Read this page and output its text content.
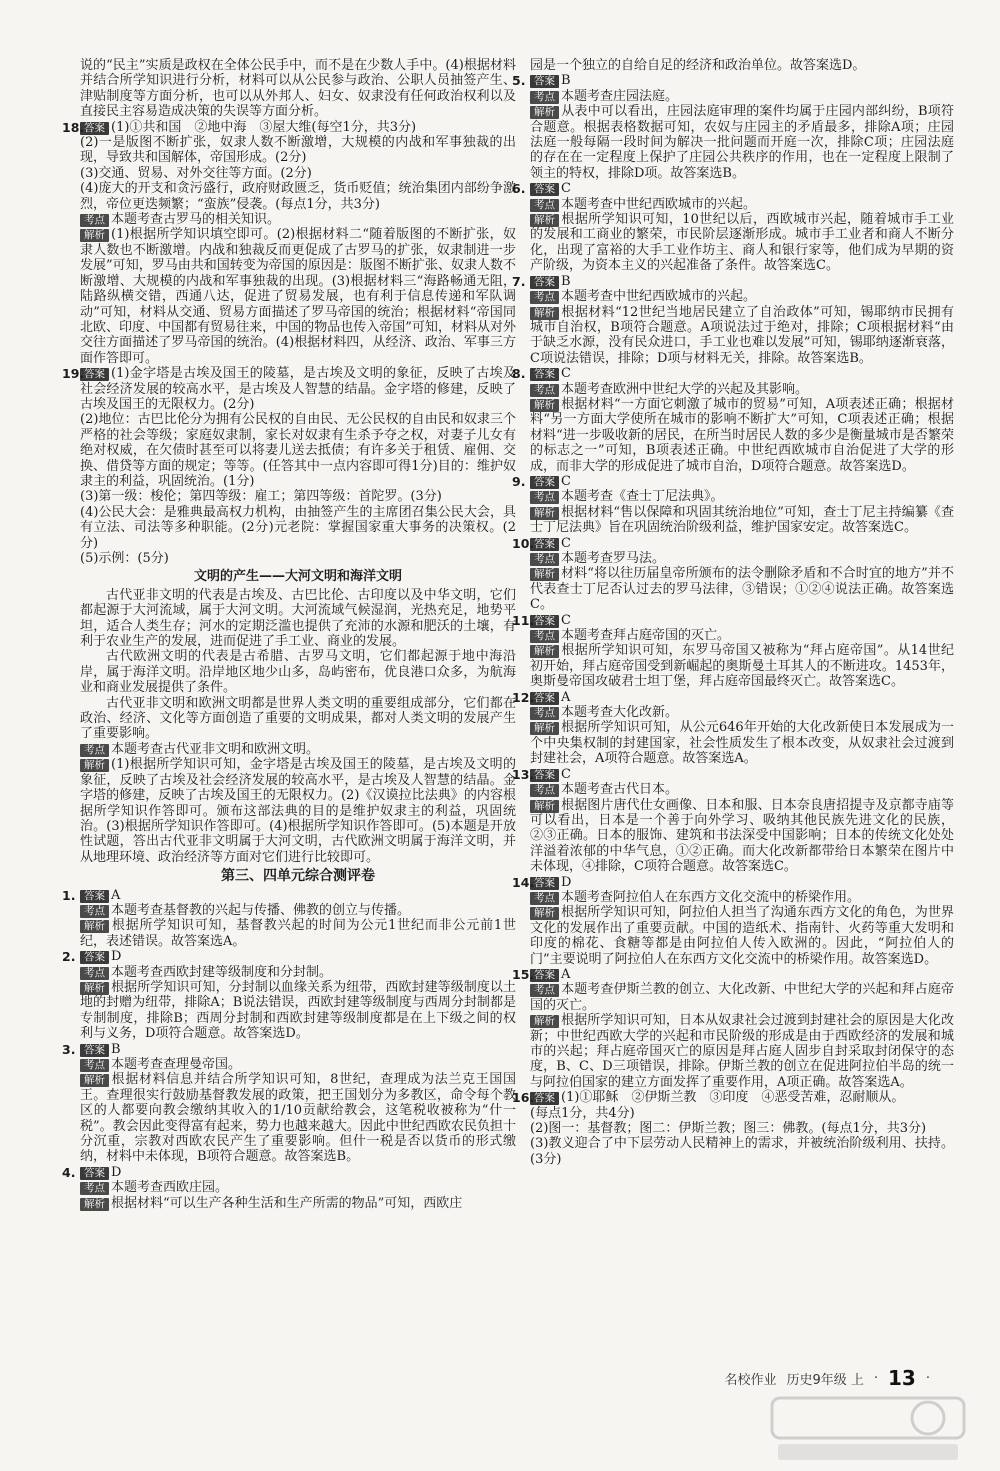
说的“民主”实质是政权在全体公民手中，而不是在少数人手中。(4)根据材料并结合所学知识进行分析，材料可以从公民参与政治、公职人员抽签产生、津贴制度等方面分析，也可以从外邦人、妇女、奴隶没有任何政治权利以及直接民主容易造成决策的失误等方面分析。

18. 答案 (1)①共和国　②地中海　③屋大维(每空1分，共3分)

(2)一是版图不断扩张，奴隶人数不断激增，大规模的内战和军事独裁的出现，导致共和国解体，帝国形成。(2分)

(3)交通、贸易、对外交往等方面。(2分)

(4)庞大的开支和贪污盛行，政府财政匮乏，货币贬值；统治集团内部纷争激烈，帝位更迭频繁；“蛮族”侵袭。(每点1分，共3分)

考点 本题考查古罗马的相关知识。

解析 (1)根据所学知识填空即可。(2)根据材料二“随着版图的不断扩张，奴隶人数也不断激增。内战和独裁反而更促成了古罗马的扩张，奴隶制进一步发展”可知，罗马由共和国转变为帝国的原因是：版图不断扩张、奴隶人数不断激增、大规模的内战和军事独裁的出现。(3)根据材料三“海路畅通无阻，陆路纵横交错，西通八达，促进了贸易发展，也有利于信息传递和军队调动”可知，材料从交通、贸易方面描述了罗马帝国的统治；根据材料“帝国同北欧、印度、中国都有贸易往来，中国的物品也传入帝国”可知，材料从对外交往方面描述了罗马帝国的统治。(4)根据材料四，从经济、政治、军事三方面作答即可。

19. 答案 (1)金字塔是古埃及国王的陵墓，是古埃及文明的象征，反映了古埃及社会经济发展的较高水平，是古埃及人智慧的结晶。金字塔的修建，反映了古埃及国王的无限权力。(2分)

(2)地位：古巴比伦分为拥有公民权的自由民、无公民权的自由民和奴隶三个严格的社会等级；家庭奴隶制，家长对奴隶有生杀予夺之权，对妻子儿女有绝对权威，在欠债时甚至可以将妻儿送去抵债；有许多关于租赁、雇佣、交换、借贷等方面的规定；等等。(任答其中一点内容即可得1分)目的：维护奴隶主的利益，巩固统治。(1分)

(3)第一级：梭伦；第四等级：雇工；第四等级：首陀罗。(3分)

(4)公民大会：是雅典最高权力机构，由抽签产生的主席团召集公民大会，具有立法、司法等多种职能。(2分)元老院：掌握国家重大事务的决策权。(2分)

(5)示例：(5分)

文明的产生——大河文明和海洋文明

古代亚非文明的代表是古埃及、古巴比伦、古印度以及中华文明，它们都起源于大河流域，属于大河文明。大河流域气候湿润，光热充足，地势平坦，适合人类生存；河水的定期泛滥也提供了充沛的水源和肥沃的土壤，有利于农业生产的发展，进而促进了手工业、商业的发展。

古代欧洲文明的代表是古希腊、古罗马文明，它们都起源于地中海沿岸，属于海洋文明。沿岸地区地少山多，岛屿密布，优良港口众多，为航海业和商业发展提供了条件。

古代亚非文明和欧洲文明都是世界人类文明的重要组成部分，它们都在政治、经济、文化等方面创造了重要的文明成果，都对人类文明的发展产生了重要影响。

考点 本题考查古代亚非文明和欧洲文明。

解析 (1)根据所学知识可知，金字塔是古埃及国王的陵墓，是古埃及文明的象征，反映了古埃及社会经济发展的较高水平，是古埃及人智慧的结晶。金字塔的修建，反映了古埃及国王的无限权力。(2)《汉谟拉比法典》的内容根据所学知识作答即可。颁布这部法典的目的是维护奴隶主的利益，巩固统治。(3)根据所学知识作答即可。(4)根据所学知识作答即可。(5)本题是开放性试题，答出古代亚非文明属于大河文明，古代欧洲文明属于海洋文明，并从地理环境、政治经济等方面对它们进行比较即可。

第三、四单元综合测评卷
1. 答案 A

考点 本题考查基督教的兴起与传播、佛教的创立与传播。

解析 根据所学知识可知，基督教兴起的时间为公元1世纪而非公元前1世纪，表述错误。故答案选A。

2. 答案 D

考点 本题考查西欧封建等级制度和分封制。

解析 根据所学知识可知，分封制以血缘关系为纽带，西欧封建等级制度以土地的封赠为纽带，排除A；B说法错误，西欧封建等级制度与西周分封制都是专制制度，排除B；西周分封制和西欧封建等级制度都是在上下级之间的权利与义务，D项符合题意。故答案选D。

3. 答案 B

考点 本题考查查理曼帝国。

解析 根据材料信息并结合所学知识可知，8世纪，查理成为法兰克王国国王。查理很实行鼓励基督教发展的政策，把王国划分为多教区，命令每个教区的人都要向教会缴纳其收入的1/10贡献给教会，这笔税收被称为“什一税”。教会因此变得富有起来，势力也越来越大。因此中世纪西欧农民负担十分沉重，宗教对西欧农民产生了重要影响。但什一税是否以货币的形式缴纳，材料中未体现，B项符合题意。故答案选B。

4. 答案 D

考点 本题考查西欧庄园。

解析 根据材料“可以生产各种生活和生产所需的物品”可知，西欧庄

园是一个独立的自给自足的经济和政治单位。故答案选D。

5. 答案 B

考点 本题考查庄园法庭。

解析 从表中可以看出，庄园法庭审理的案件均属于庄园内部纠纷，B项符合题意。根据表格数据可知，农奴与庄园主的矛盾最多，排除A项；庄园法庭一般每隔一段时间为解决一批问题而开庭一次，排除C项；庄园法庭的存在在一定程度上保护了庄园公共秩序的作用，也在一定程度上限制了领主的特权，排除D项。故答案选B。

6. 答案 C

考点 本题考查中世纪西欧城市的兴起。

解析 根据所学知识可知，10世纪以后，西欧城市兴起，随着城市手工业的发展和工商业的繁荣，市民阶层逐渐形成。城市手工业者和商人不断分化，出现了富裕的大手工业作坊主、商人和银行家等，他们成为早期的资产阶级，为资本主义的兴起准备了条件。故答案选C。

7. 答案 B

考点 本题考查中世纪西欧城市的兴起。

解析 根据材料“12世纪当地居民建立了自治政体”可知，锡耶纳市民拥有城市自治权，B项符合题意。A项说法过于绝对，排除；C项根据材料“由于缺乏水源，没有民众进口，手工业也难以发展”可知，锡耶纳逐渐衰落，C项说法错误，排除；D项与材料无关，排除。故答案选B。

8. 答案 C

考点 本题考查欧洲中世纪大学的兴起及其影响。

解析 根据材料“一方面它刺激了城市的贸易”可知，A项表述正确；根据材料“另一方面大学使所在城市的影响不断扩大”可知，C项表述正确；根据材料“进一步吸收新的居民，在所当时居民人数的多少是衡量城市是否繁荣的标志之一”可知，B项表述正确。中世纪西欧城市自治促进了大学的形成，而非大学的形成促进了城市自治，D项符合题意。故答案选D。

9. 答案 C

考点 本题考查《查士丁尼法典》。

解析 根据材料“售以保障和巩固其统治地位”可知，查士丁尼主持编纂《查士丁尼法典》旨在巩固统治阶级利益，维护国家安定。故答案选C。

10. 答案 C

考点 本题考查罗马法。

解析 材料“将以往历届皇帝所颁布的法令删除矛盾和不合时宜的地方”并不代表查士丁尼否认过去的罗马法律，③错误；①②④说法正确。故答案选C。

11. 答案 C

考点 本题考查拜占庭帝国的灭亡。

解析 根据所学知识可知，东罗马帝国又被称为“拜占庭帝国”。从14世纪初开始，拜占庭帝国受到新崛起的奥斯曼土耳其人的不断进攻。1453年，奥斯曼帝国攻破君士坦丁堡，拜占庭帝国最终灭亡。故答案选C。

12. 答案 A

考点 本题考查大化改新。

解析 根据所学知识可知，从公元646年开始的大化改新使日本发展成为一个中央集权制的封建国家，社会性质发生了根本改变，从奴隶社会过渡到封建社会，A项符合题意。故答案选A。

13. 答案 C

考点 本题考查古代日本。

解析 根据图片唐代仕女画像、日本和服、日本奈良唐招提寺及京都寺庙等可以看出，日本是一个善于向外学习、吸纳其他民族先进文化的民族，②③正确。日本的服饰、建筑和书法深受中国影响；日本的传统文化处处洋溢着浓郁的中华气息，①②正确。而大化改新都带给日本繁荣在图片中未体现，④排除，C项符合题意。故答案选C。

14. 答案 D

考点 本题考查阿拉伯人在东西方文化交流中的桥梁作用。

解析 根据所学知识可知，阿拉伯人担当了沟通东西方文化的角色，为世界文化的发展作出了重要贡献。中国的造纸术、指南针、火药等重大发明和印度的棉花、食糖等都是由阿拉伯人传入欧洲的。因此，“阿拉伯人的门”主要说明了阿拉伯人在东西方文化交流中的桥梁作用。故答案选D。

15. 答案 A

考点 本题考查伊斯兰教的创立、大化改新、中世纪大学的兴起和拜占庭帝国的灭亡。

解析 根据所学知识可知，日本从奴隶社会过渡到封建社会的原因是大化改新；中世纪西欧大学的兴起和市民阶级的形成是由于西欧经济的发展和城市的兴起；拜占庭帝国灭亡的原因是拜占庭人固步自封采取封闭保守的态度，B、C、D三项错误，排除。伊斯兰教的创立在促进阿拉伯半岛的统一与阿拉伯国家的建立方面发挥了重要作用，A项正确。故答案选A。

16. 答案 (1)①耶稣　②伊斯兰教　③印度　④恶受苦难，忍耐顺从。

(每点1分，共4分)

(2)图一：基督教；图二：伊斯兰教；图三：佛教。(每点1分，共3分)

(3)教义迎合了中下层劳动人民精神上的需求，并被统治阶级利用、扶持。(3分)

名校作业 历史9年级 上 · 13 ·
